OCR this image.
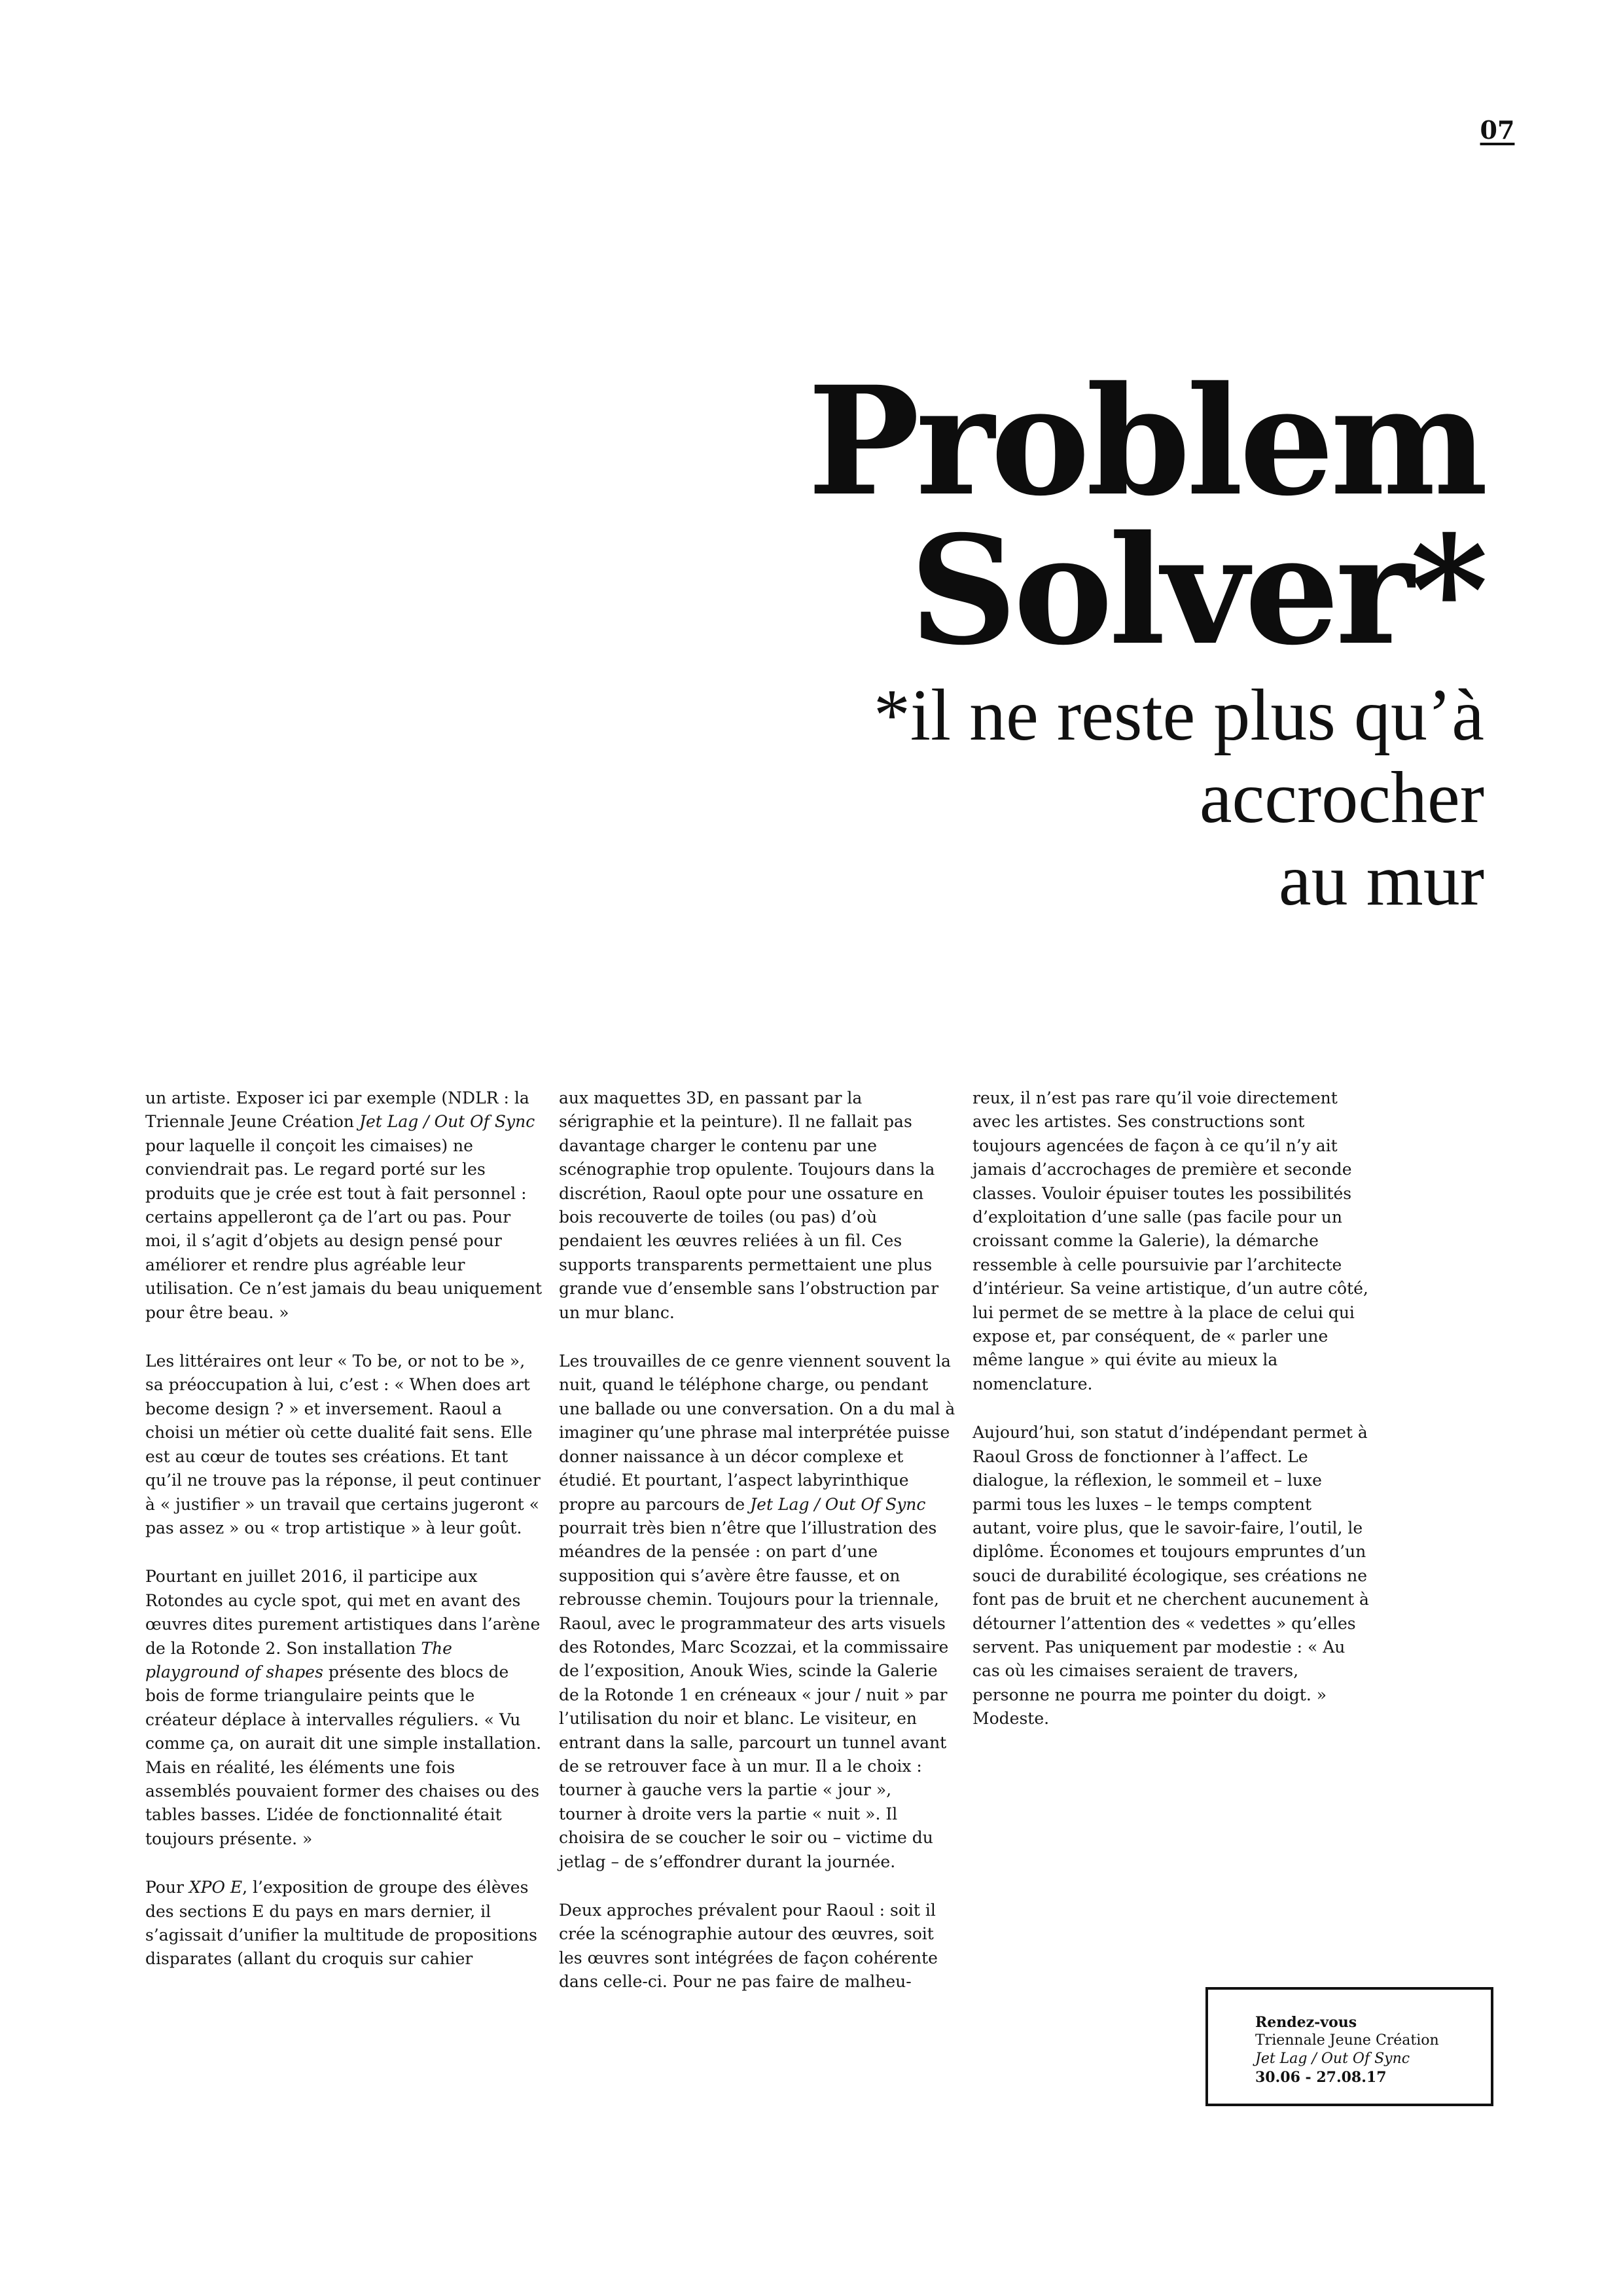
07
Problem
Solver*
*il ne reste plus qu’à
accrocher
au mur

un artiste. Exposer ici par exemple (NDLR : la Triennale Jeune Création Jet Lag / Out Of Sync pour laquelle il conçoit les cimaises) ne conviendrait pas. Le regard porté sur les produits que je crée est tout à fait personnel : certains appelleront ça de l’art ou pas. Pour moi, il s’agit d’objets au design pensé pour améliorer et rendre plus agréable leur utilisation. Ce n’est jamais du beau uniquement pour être beau. »

Les littéraires ont leur « To be, or not to be », sa préoccupation à lui, c’est : « When does art become design ? » et inversement. Raoul a choisi un métier où cette dualité fait sens. Elle est au cœur de toutes ses créations. Et tant qu’il ne trouve pas la réponse, il peut continuer à « justifier » un travail que certains jugeront « pas assez » ou « trop artistique » à leur goût.

Pourtant en juillet 2016, il participe aux Rotondes au cycle spot, qui met en avant des œuvres dites purement artistiques dans l’arène de la Rotonde 2. Son installation The playground of shapes présente des blocs de bois de forme triangulaire peints que le créateur déplace à intervalles réguliers. « Vu comme ça, on aurait dit une simple installation. Mais en réalité, les éléments une fois assemblés pouvaient former des chaises ou des tables basses. L’idée de fonctionnalité était toujours présente. »

Pour XPO E, l’exposition de groupe des élèves des sections E du pays en mars dernier, il s’agissait d’unifier la multitude de propositions disparates (allant du croquis sur cahier

aux maquettes 3D, en passant par la sérigraphie et la peinture). Il ne fallait pas davantage charger le contenu par une scénographie trop opulente. Toujours dans la discrétion, Raoul opte pour une ossature en bois recouverte de toiles (ou pas) d’où pendaient les œuvres reliées à un fil. Ces supports transparents permettaient une plus grande vue d’ensemble sans l’obstruction par un mur blanc.

Les trouvailles de ce genre viennent souvent la nuit, quand le téléphone charge, ou pendant une ballade ou une conversation. On a du mal à imaginer qu’une phrase mal interprétée puisse donner naissance à un décor complexe et étudié. Et pourtant, l’aspect labyrinthique propre au parcours de Jet Lag / Out Of Sync pourrait très bien n’être que l’illustration des méandres de la pensée : on part d’une supposition qui s’avère être fausse, et on rebrousse chemin. Toujours pour la triennale, Raoul, avec le programmateur des arts visuels des Rotondes, Marc Scozzai, et la commissaire de l’exposition, Anouk Wies, scinde la Galerie de la Rotonde 1 en créneaux « jour / nuit » par l’utilisation du noir et blanc. Le visiteur, en entrant dans la salle, parcourt un tunnel avant de se retrouver face à un mur. Il a le choix : tourner à gauche vers la partie « jour », tourner à droite vers la partie « nuit ». Il choisira de se coucher le soir ou – victime du jetlag – de s’effondrer durant la journée.

Deux approches prévalent pour Raoul : soit il crée la scénographie autour des œuvres, soit les œuvres sont intégrées de façon cohérente dans celle-ci. Pour ne pas faire de malheu-

reux, il n’est pas rare qu’il voie directement avec les artistes. Ses constructions sont toujours agencées de façon à ce qu’il n’y ait jamais d’accrochages de première et seconde classes. Vouloir épuiser toutes les possibilités d’exploitation d’une salle (pas facile pour un croissant comme la Galerie), la démarche ressemble à celle poursuivie par l’architecte d’intérieur. Sa veine artistique, d’un autre côté, lui permet de se mettre à la place de celui qui expose et, par conséquent, de « parler une même langue » qui évite au mieux la nomenclature.

Aujourd’hui, son statut d’indépendant permet à Raoul Gross de fonctionner à l’affect. Le dialogue, la réflexion, le sommeil et – luxe parmi tous les luxes – le temps comptent autant, voire plus, que le savoir-faire, l’outil, le diplôme. Économes et toujours empruntes d’un souci de durabilité écologique, ses créations ne font pas de bruit et ne cherchent aucunement à détourner l’attention des « vedettes » qu’elles servent. Pas uniquement par modestie : « Au cas où les cimaises seraient de travers, personne ne pourra me pointer du doigt. » Modeste.

Rendez-vous
Triennale Jeune Création
Jet Lag / Out Of Sync
30.06 - 27.08.17
